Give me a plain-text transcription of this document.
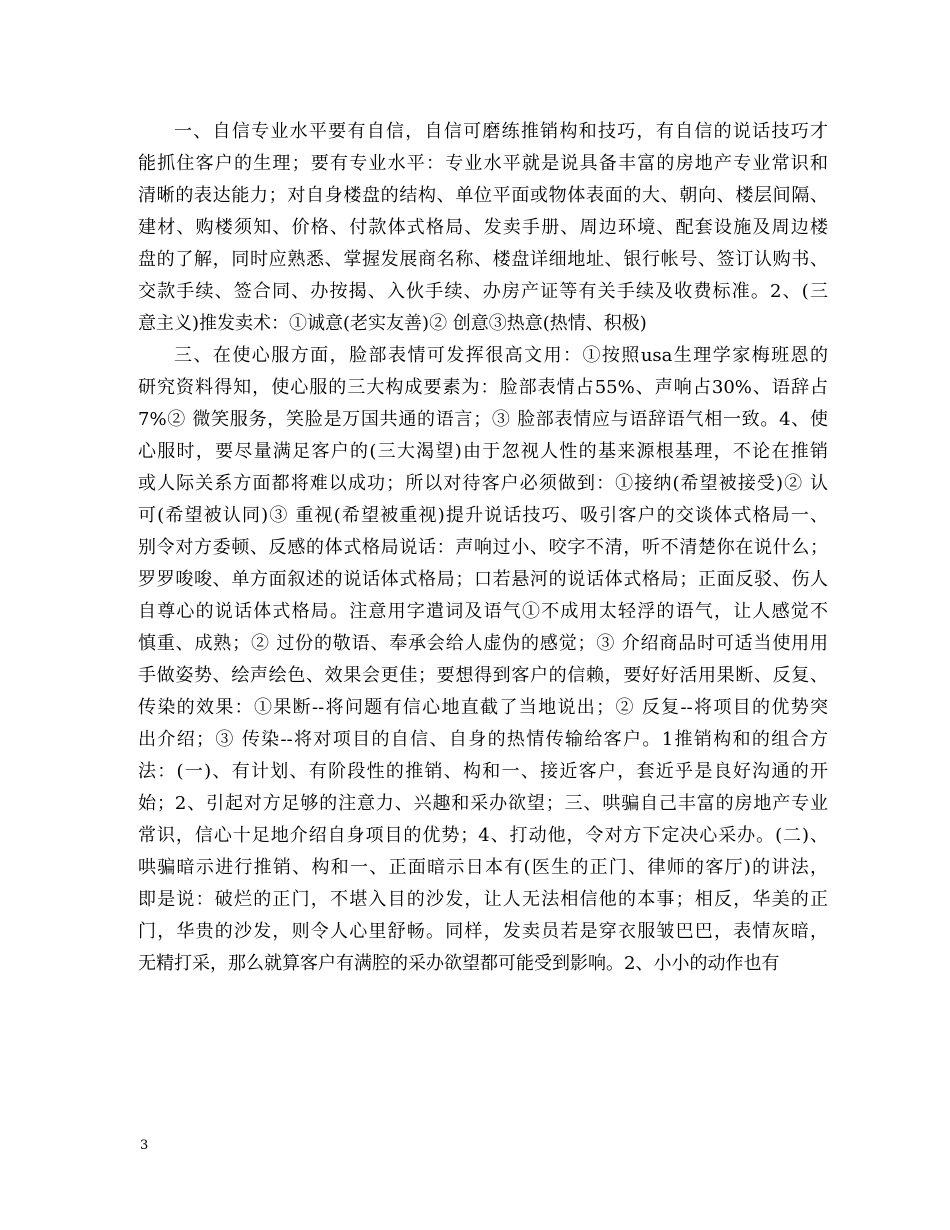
一、自信专业水平要有自信，自信可磨练推销构和技巧，有自信的说话技巧才
能抓住客户的生理；要有专业水平：专业水平就是说具备丰富的房地产专业常识和
清晰的表达能力；对自身楼盘的结构、单位平面或物体表面的大、朝向、楼层间隔、
建材、购楼须知、价格、付款体式格局、发卖手册、周边环境、配套设施及周边楼
盘的了解，同时应熟悉、掌握发展商名称、楼盘详细地址、银行帐号、签订认购书、
交款手续、签合同、办按揭、入伙手续、办房产证等有关手续及收费标准。2、(三
意主义)推发卖术：①诚意(老实友善)② 创意③热意(热情、积极)
三、在使心服方面，脸部表情可发挥很高文用：①按照usa生理学家梅班恩的
研究资料得知，使心服的三大构成要素为：脸部表情占55%、声响占30%、语辞占
7%② 微笑服务，笑脸是万国共通的语言；③ 脸部表情应与语辞语气相一致。4、使
心服时，要尽量满足客户的(三大渴望)由于忽视人性的基来源根基理，不论在推销
或人际关系方面都将难以成功；所以对待客户必须做到：①接纳(希望被接受)② 认
可(希望被认同)③ 重视(希望被重视)提升说话技巧、吸引客户的交谈体式格局一、
别令对方委顿、反感的体式格局说话：声响过小、咬字不清，听不清楚你在说什么；
罗罗唆唆、单方面叙述的说话体式格局；口若悬河的说话体式格局；正面反驳、伤人
自尊心的说话体式格局。注意用字遣词及语气①不成用太轻浮的语气，让人感觉不
慎重、成熟；② 过份的敬语、奉承会给人虚伪的感觉；③ 介绍商品时可适当使用用
手做姿势、绘声绘色、效果会更佳；要想得到客户的信赖，要好好活用果断、反复、
传染的效果：①果断--将问题有信心地直截了当地说出；② 反复--将项目的优势突
出介绍；③ 传染--将对项目的自信、自身的热情传输给客户。1推销构和的组合方
法：(一)、有计划、有阶段性的推销、构和一、接近客户，套近乎是良好沟通的开
始；2、引起对方足够的注意力、兴趣和采办欲望；三、哄骗自己丰富的房地产专业
常识，信心十足地介绍自身项目的优势；4、打动他，令对方下定决心采办。(二)、
哄骗暗示进行推销、构和一、正面暗示日本有(医生的正门、律师的客厅)的讲法，
即是说：破烂的正门，不堪入目的沙发，让人无法相信他的本事；相反，华美的正
门，华贵的沙发，则令人心里舒畅。同样，发卖员若是穿衣服皱巴巴，表情灰暗，
无精打采，那么就算客户有满腔的采办欲望都可能受到影响。2、小小的动作也有
3
